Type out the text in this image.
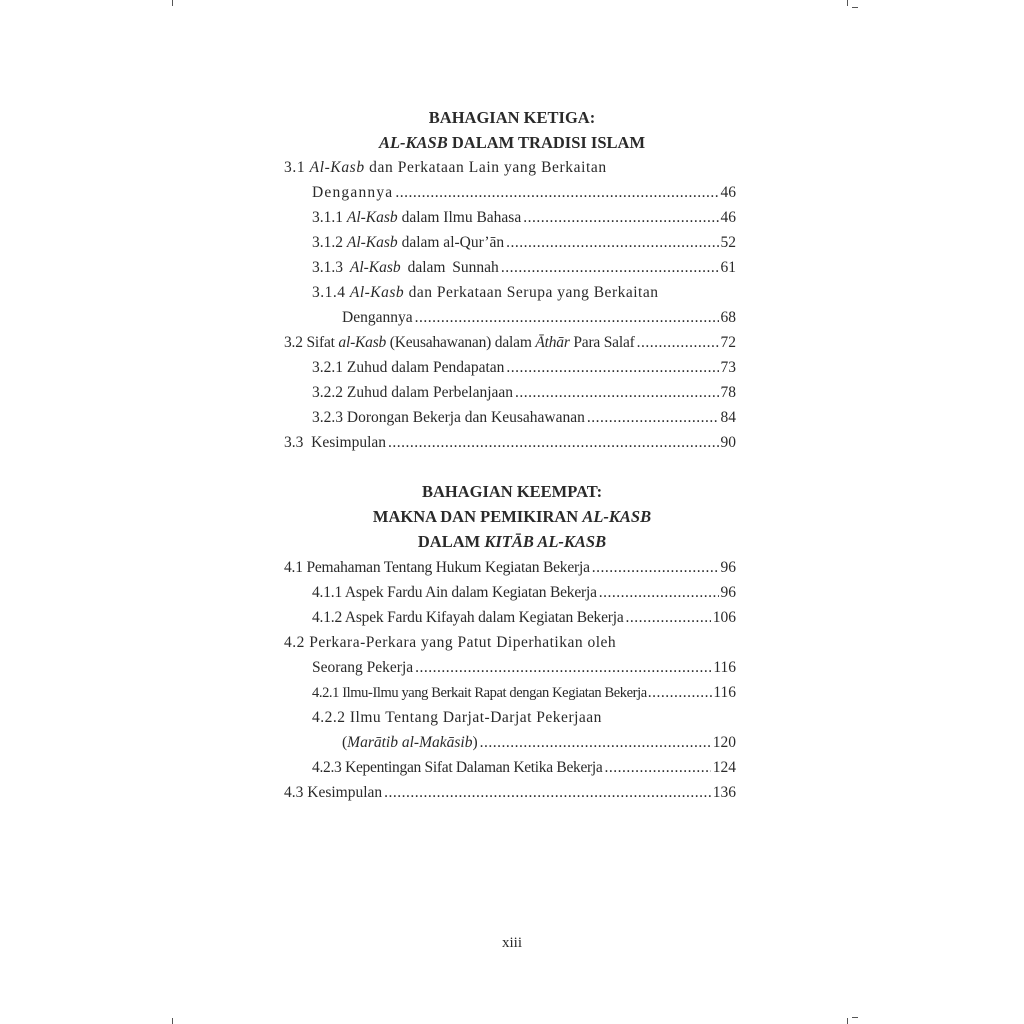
BAHAGIAN KETIGA:
AL-KASB DALAM TRADISI ISLAM
3.1 Al-Kasb dan Perkataan Lain yang Berkaitan
Dengannya .....	46
3.1.1 Al-Kasb dalam Ilmu Bahasa .....	46
3.1.2 Al-Kasb dalam al-Qur’ān .....	52
3.1.3 Al-Kasb dalam Sunnah .....	61
3.1.4 Al-Kasb dan Perkataan Serupa yang Berkaitan
Dengannya .....	68
3.2 Sifat al-Kasb (Keusahawanan) dalam Āthār Para Salaf .....	72
3.2.1 Zuhud dalam Pendapatan .....	73
3.2.2 Zuhud dalam Perbelanjaan .....	78
3.2.3 Dorongan Bekerja dan Keusahawanan .....	84
3.3  Kesimpulan .....	90
BAHAGIAN KEEMPAT:
MAKNA DAN PEMIKIRAN AL-KASB
DALAM KITĀB AL-KASB
4.1 Pemahaman Tentang Hukum Kegiatan Bekerja .....	96
4.1.1 Aspek Fardu Ain dalam Kegiatan Bekerja .....	96
4.1.2 Aspek Fardu Kifayah dalam Kegiatan Bekerja .....	106
4.2 Perkara-Perkara yang Patut Diperhatikan oleh
Seorang Pekerja .....	116
4.2.1 Ilmu-Ilmu yang Berkait Rapat dengan Kegiatan Bekerja .....	116
4.2.2 Ilmu Tentang Darjat-Darjat Pekerjaan
(Marātib al-Makāsib) .....	120
4.2.3 Kepentingan Sifat Dalaman Ketika Bekerja .....	124
4.3 Kesimpulan .....	136
xiii
